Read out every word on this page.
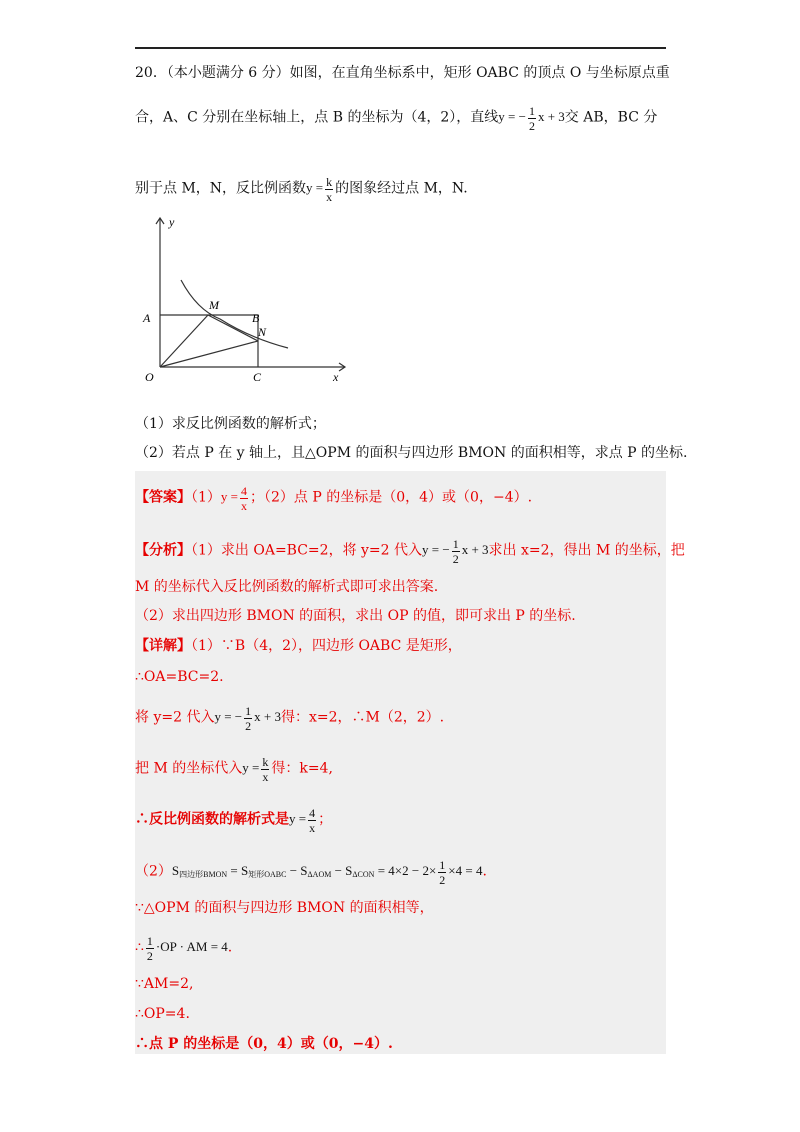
20．（本小题满分 6 分）如图，在直角坐标系中，矩形 OABC 的顶点 O 与坐标原点重
合，A、C 分别在坐标轴上，点 B 的坐标为（4，2），直线y = − $\frac{1}{2}$ x + 3交 AB，BC 分
别于点 M，N，反比例函数$y = \frac{k}{x}$ 的图象经过点 M，N.
y
x
O
A	B
C
M
N
（1）求反比例函数的解析式；
（2）若点 P 在 y 轴上，且△OPM 的面积与四边形 BMON 的面积相等，求点 P 的坐标.
【答案】$(1)y = \frac{4}{x}$ ；（2）点 P 的坐标是（0，4）或（0，−4）.
【分析】（1）求出 OA=BC=2，将 y=2 代入y = − $\frac{1}{2}$ x + 3求出 x=2，得出 M 的坐标，把
M 的坐标代入反比例函数的解析式即可求出答案.
（2）求出四边形 BMON 的面积，求出 OP 的值，即可求出 P 的坐标.
【详解】（1）∵B（4，2），四边形 OABC 是矩形，
∴OA=BC=2.
将 y=2 代入y = − $\frac{1}{2}$ x + 3得：x=2，∴M（2，2）.
把 M 的坐标代入$y = \frac{k}{x}$ 得：k=4,
∴反比例函数的解析式是$y = \frac{4}{x}$ ；
$(2)S_{四边形BMON} = S_{矩形OABC} - S_{\Delta AOM} - S_{\Delta CON} = 4\times 2 - 2\times \frac{1}{2} \times 4 = 4$.
∵△OPM 的面积与四边形 BMON 的面积相等，
∴ $\frac{1}{2} \cdot OP$ · AM = 4.
∵AM=2,
∴OP=4.
∴点 P 的坐标是（0，4）或（0，−4）.
